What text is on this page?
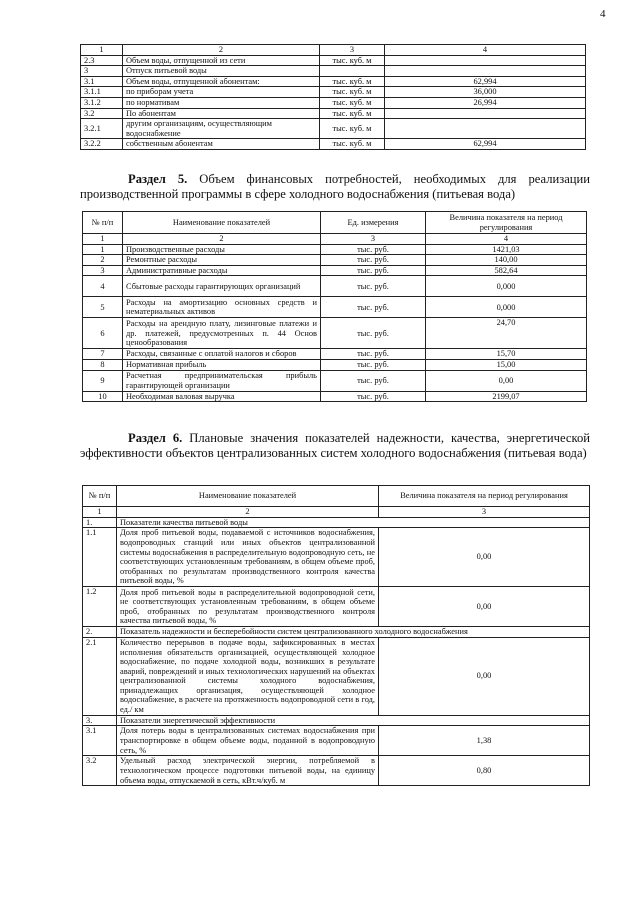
4
1	2	3	4
2.3	Объем воды, отпущенной из сети	тыс. куб. м	
3	Отпуск питьевой воды		
3.1	Объем воды, отпущенной абонентам:	тыс. куб. м	62,994
3.1.1	по приборам учета	тыс. куб. м	36,000
3.1.2	по нормативам	тыс. куб. м	26,994
3.2	По абонентам	тыс. куб. м	
3.2.1	другим организациям, осуществляющим водоснабжение	тыс. куб. м	
3.2.2	собственным абонентам	тыс. куб. м	62,994
Раздел 5. Объем финансовых потребностей, необходимых для реализации производственной программы в сфере холодного водоснабжения (питьевая вода)
№ п/п	Наименование показателей	Ед. измерения	Величина показателя на период регулирования
1	2	3	4
1	Производственные расходы	тыс. руб.	1421,03
2	Ремонтные расходы	тыс. руб.	140,00
3	Административные расходы	тыс. руб.	582,64
4	Сбытовые расходы гарантирующих организаций	тыс. руб.	0,000
5	Расходы на амортизацию основных средств и нематериальных активов	тыс. руб.	0,000
6	Расходы на арендную плату, лизинговые платежи и др. платежей, предусмотренных п. 44 Основ ценообразования	тыс. руб.	24,70
7	Расходы, связанные с оплатой налогов и сборов	тыс. руб.	15,70
8	Нормативная прибыль	тыс. руб.	15,00
9	Расчетная предпринимательская прибыль гарантирующей организации	тыс. руб.	0,00
10	Необходимая валовая выручка	тыс. руб.	2199,07
Раздел 6. Плановые значения показателей надежности, качества, энергетической эффективности объектов централизованных систем холодного водоснабжения (питьевая вода)
№ п/п	Наименование показателей	Величина показателя на период регулирования
1	2	3
1.	Показатели качества питьевой воды	
1.1	Доля проб питьевой воды, подаваемой с источников водоснабжения, водопроводных станций или иных объектов централизованной системы водоснабжения в распределительную водопроводную сеть, не соответствующих установленным требованиям, в общем объеме проб, отобранных по результатам производственного контроля качества питьевой воды, %	0,00
1.2	Доля проб питьевой воды в распределительной водопроводной сети, не соответствующих установленным требованиям, в общем объеме проб, отобранных по результатам производственного контроля качества питьевой воды, %	0,00
2.	Показатель надежности и бесперебойности систем централизованного холодного водоснабжения	
2.1	Количество перерывов в подаче воды, зафиксированных в местах исполнения обязательств организацией, осуществляющей холодное водоснабжение, по подаче холодной воды, возникших в результате аварий, повреждений и иных технологических нарушений на объектах централизованной системы холодного водоснабжения, принадлежащих организация, осуществляющей холодное водоснабжение, в расчете на протяженность водопроводной сети в год, ед./ км	0,00
3.	Показатели энергетической эффективности	
3.1	Доля потерь воды в централизованных системах водоснабжения при транспортировке в общем объеме воды, поданной в водопроводную сеть, %	1,38
3.2	Удельный расход электрической энергии, потребляемой в технологическом процессе подготовки питьевой воды, на единицу объема воды, отпускаемой в сеть, кВт.ч/куб. м	0,80
